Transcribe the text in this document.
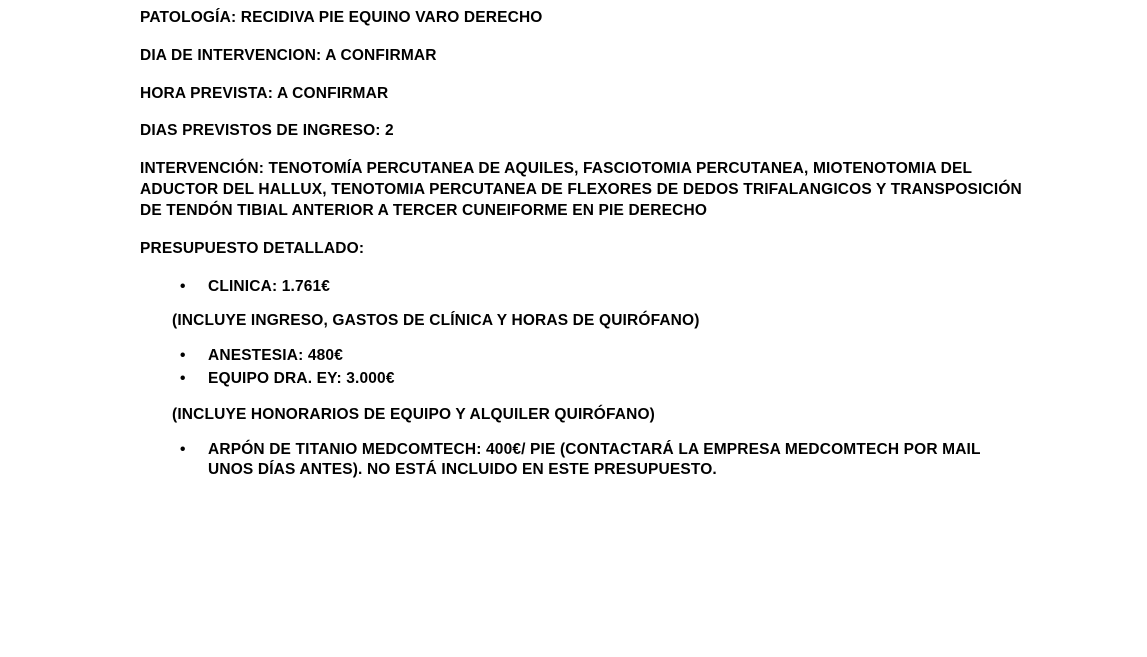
PATOLOGÍA: RECIDIVA PIE EQUINO VARO DERECHO

DIA DE INTERVENCION: A CONFIRMAR

HORA PREVISTA: A CONFIRMAR

DIAS PREVISTOS DE INGRESO: 2

INTERVENCIÓN: TENOTOMÍA PERCUTANEA DE AQUILES, FASCIOTOMIA PERCUTANEA, MIOTENOTOMIA DEL ADUCTOR DEL HALLUX, TENOTOMIA PERCUTANEA DE FLEXORES DE DEDOS TRIFALANGICOS Y TRANSPOSICIÓN DE TENDÓN TIBIAL ANTERIOR A TERCER CUNEIFORME EN PIE DERECHO

PRESUPUESTO DETALLADO:

• CLINICA: 1.761€

(INCLUYE INGRESO, GASTOS DE CLÍNICA Y HORAS DE QUIRÓFANO)

• ANESTESIA: 480€
• EQUIPO DRA. EY: 3.000€

(INCLUYE HONORARIOS DE EQUIPO Y ALQUILER QUIRÓFANO)

• ARPÓN DE TITANIO MEDCOMTECH: 400€/ PIE (CONTACTARÁ LA EMPRESA MEDCOMTECH POR MAIL UNOS DÍAS ANTES). NO ESTÁ INCLUIDO EN ESTE PRESUPUESTO.
